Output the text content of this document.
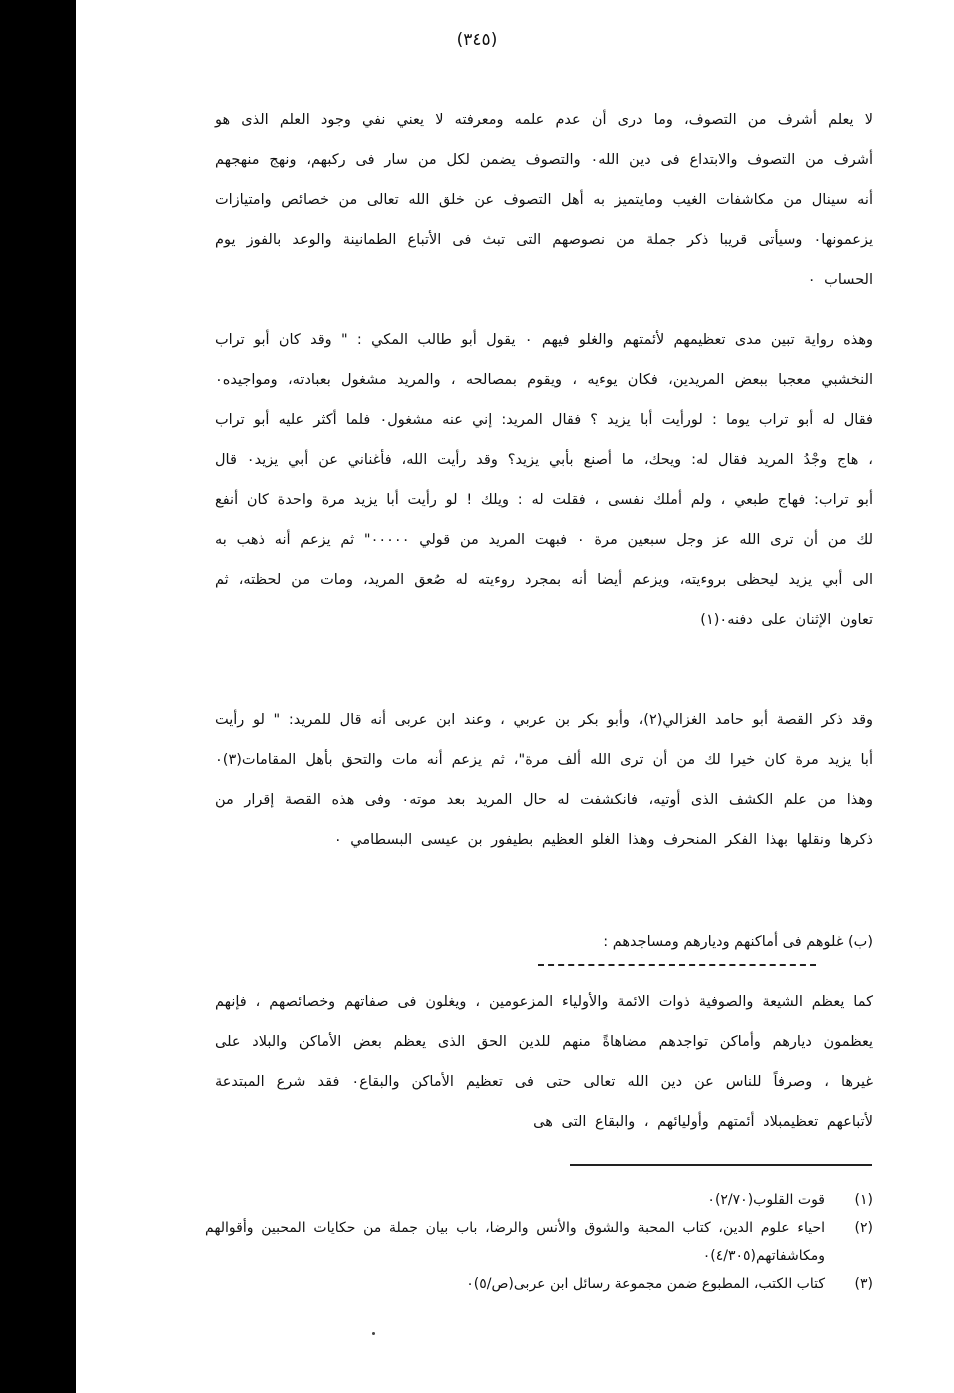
(٣٤٥)

لا يعلم أشرف من التصوف، وما درى أن عدم علمه ومعرفته لا يعني نفي وجود العلم الذى هو أشرف من التصوف والابتداع فى دين الله٠ والتصوف يضمن لكل من سار فى ركبهم، ونهج منهجهم أنه سينال من مكاشفات الغيب ومايتميز به أهل التصوف عن خلق الله تعالى من خصائص وامتيازات يزعمونها٠ وسيأتى قريبا ذكر جملة من نصوصهم التى تبث فى الأتباع الطمانينة والوعد بالفوز يوم الحساب ٠

وهذه رواية تبين مدى تعظيمهم لأئمتهم والغلو فيهم ٠ يقول أبو طالب المكي : " وقد كان أبو تراب النخشبي معجبا ببعض المريدين، فكان يوءيه ، ويقوم بمصالحه ، والمريد مشغول بعبادته، ومواجيده٠ فقال له أبو تراب يوما : لورأيت أبا يزيد ؟ فقال المريد: إني عنه مشغول٠ فلما أكثر عليه أبو تراب ، هاج وجْدُ المريد فقال له: ويحك، ما أصنع بأبي يزيد؟ وقد رأيت الله، فأغناني عن أبي يزيد٠ قال أبو تراب: فهاج طبعي ، ولم أملك نفسى ، فقلت له : ويلك ! لو رأيت أبا يزيد مرة واحدة كان أنفع لك من أن ترى الله عز وجل سبعين مرة ٠ فبهت المريد من قولي ٠٠٠٠٠" ثم يزعم أنه ذهب به الى أبي يزيد ليحظى بروءيته، ويزعم أيضا أنه بمجرد روءيته له صُعق المريد، ومات من لحظته، ثم تعاون الإثنان على دفنه٠(١)

وقد ذكر القصة أبو حامد الغزالي(٢)، وأبو بكر بن عربي ، وعند ابن عربى أنه قال للمريد: " لو رأيت أبا يزيد مرة كان خيرا لك من أن ترى الله ألف مرة"، ثم يزعم أنه مات والتحق بأهل المقامات(٣)٠ وهذا من علم الكشف الذى أوتيه، فانكشفت له حال المريد بعد موته٠ وفى هذه القصة إقرار من ذكرها ونقلها بهذا الفكر المنحرف وهذا الغلو العظيم بطيفور بن عيسى البسطامي ٠

(ب) غلوهم فى أماكنهم وديارهم ومساجدهم :

كما يعظم الشيعة والصوفية ذوات الائمة والأولياء المزعومين ، ويغلون فى صفاتهم وخصائصهم ، فإنهم يعظمون ديارهم وأماكن تواجدهم مضاهاةً منهم للدين الحق الذى يعظم بعض الأماكن والبلاد على غيرها ، وصرفاً للناس عن دين الله تعالى حتى فى تعظيم الأماكن والبقاع٠ فقد شرع المبتدعة لأتباعهم تعظيمبلاد أئمتهم وأوليائهم ، والبقاع التى هى

(١)
قوت القلوب(٢/٧٠)٠
(٢)
احياء علوم الدين، كتاب المحبة والشوق والأنس والرضا، باب بيان جملة من حكايات المحبين وأقوالهم ومكاشفاتهم(٤/٣٠٥)٠
(٣)
كتاب الكتب، المطبوع ضمن مجموعة رسائل ابن عربى(ص/٥)٠
